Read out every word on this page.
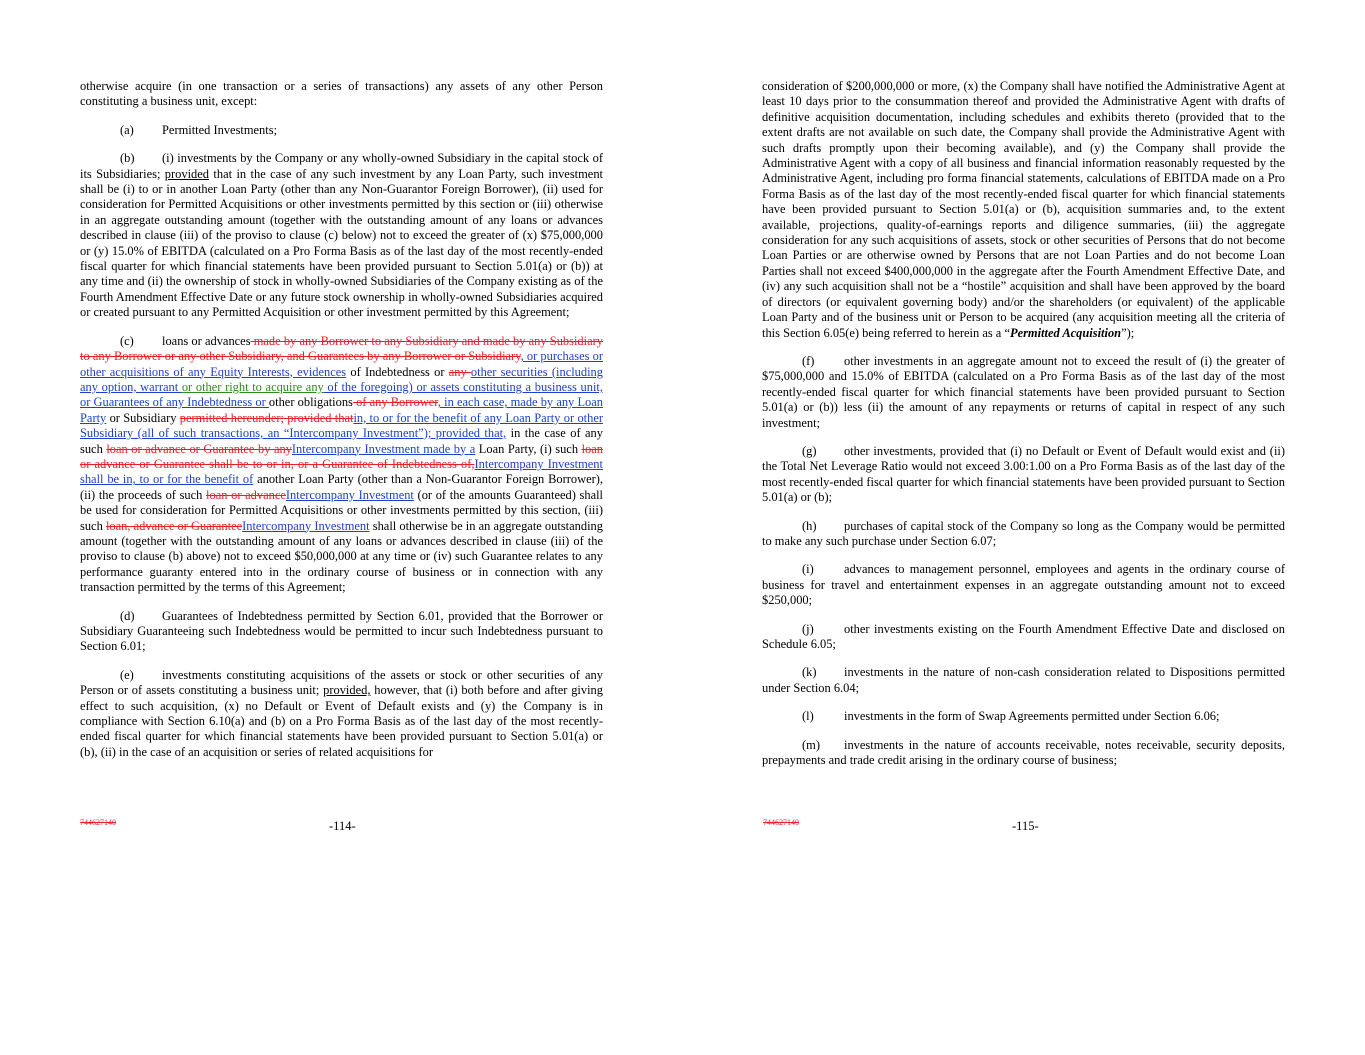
otherwise acquire (in one transaction or a series of transactions) any assets of any other Person constituting a business unit, except:

(a) Permitted Investments;

(b) (i) investments by the Company or any wholly-owned Subsidiary in the capital stock of its Subsidiaries; provided that in the case of any such investment by any Loan Party, such investment shall be (i) to or in another Loan Party (other than any Non-Guarantor Foreign Borrower), (ii) used for consideration for Permitted Acquisitions or other investments permitted by this section or (iii) otherwise in an aggregate outstanding amount (together with the outstanding amount of any loans or advances described in clause (iii) of the proviso to clause (c) below) not to exceed the greater of (x) $75,000,000 or (y) 15.0% of EBITDA (calculated on a Pro Forma Basis as of the last day of the most recently-ended fiscal quarter for which financial statements have been provided pursuant to Section 5.01(a) or (b)) at any time and (ii) the ownership of stock in wholly-owned Subsidiaries of the Company existing as of the Fourth Amendment Effective Date or any future stock ownership in wholly-owned Subsidiaries acquired or created pursuant to any Permitted Acquisition or other investment permitted by this Agreement;

(c) loans or advances made by any Borrower to any Subsidiary and made by any Subsidiary to any Borrower or any other Subsidiary, and Guarantees by any Borrower or Subsidiary, or purchases or other acquisitions of any Equity Interests, evidences of Indebtedness or any other securities (including any option, warrant or other right to acquire any of the foregoing) or assets constituting a business unit, or Guarantees of any Indebtedness or other obligations of any Borrower, in each case, made by any Loan Party or Subsidiary permitted hereunder; provided thatin, to or for the benefit of any Loan Party or other Subsidiary (all of such transactions, an “Intercompany Investment”); provided that, in the case of any such loan or advance or Guarantee by anyIntercompany Investment made by a Loan Party, (i) such loan or advance or Guarantee shall be to or in, or a Guarantee of Indebtedness of,Intercompany Investment shall be in, to or for the benefit of another Loan Party (other than a Non-Guarantor Foreign Borrower), (ii) the proceeds of such loan or advanceIntercompany Investment (or of the amounts Guaranteed) shall be used for consideration for Permitted Acquisitions or other investments permitted by this section, (iii) such loan, advance or GuaranteeIntercompany Investment shall otherwise be in an aggregate outstanding amount (together with the outstanding amount of any loans or advances described in clause (iii) of the proviso to clause (b) above) not to exceed $50,000,000 at any time or (iv) such Guarantee relates to any performance guaranty entered into in the ordinary course of business or in connection with any transaction permitted by the terms of this Agreement;

(d) Guarantees of Indebtedness permitted by Section 6.01, provided that the Borrower or Subsidiary Guaranteeing such Indebtedness would be permitted to incur such Indebtedness pursuant to Section 6.01;

(e) investments constituting acquisitions of the assets or stock or other securities of any Person or of assets constituting a business unit; provided, however, that (i) both before and after giving effect to such acquisition, (x) no Default or Event of Default exists and (y) the Company is in compliance with Section 6.10(a) and (b) on a Pro Forma Basis as of the last day of the most recently-ended fiscal quarter for which financial statements have been provided pursuant to Section 5.01(a) or (b), (ii) in the case of an acquisition or series of related acquisitions for

744627140	-114-

consideration of $200,000,000 or more, (x) the Company shall have notified the Administrative Agent at least 10 days prior to the consummation thereof and provided the Administrative Agent with drafts of definitive acquisition documentation, including schedules and exhibits thereto (provided that to the extent drafts are not available on such date, the Company shall provide the Administrative Agent with such drafts promptly upon their becoming available), and (y) the Company shall provide the Administrative Agent with a copy of all business and financial information reasonably requested by the Administrative Agent, including pro forma financial statements, calculations of EBITDA made on a Pro Forma Basis as of the last day of the most recently-ended fiscal quarter for which financial statements have been provided pursuant to Section 5.01(a) or (b), acquisition summaries and, to the extent available, projections, quality-of-earnings reports and diligence summaries, (iii) the aggregate consideration for any such acquisitions of assets, stock or other securities of Persons that do not become Loan Parties or are otherwise owned by Persons that are not Loan Parties and do not become Loan Parties shall not exceed $400,000,000 in the aggregate after the Fourth Amendment Effective Date, and (iv) any such acquisition shall not be a “hostile” acquisition and shall have been approved by the board of directors (or equivalent governing body) and/or the shareholders (or equivalent) of the applicable Loan Party and of the business unit or Person to be acquired (any acquisition meeting all the criteria of this Section 6.05(e) being referred to herein as a “Permitted Acquisition”);

(f) other investments in an aggregate amount not to exceed the result of (i) the greater of $75,000,000 and 15.0% of EBITDA (calculated on a Pro Forma Basis as of the last day of the most recently-ended fiscal quarter for which financial statements have been provided pursuant to Section 5.01(a) or (b)) less (ii) the amount of any repayments or returns of capital in respect of any such investment;

(g) other investments, provided that (i) no Default or Event of Default would exist and (ii) the Total Net Leverage Ratio would not exceed 3.00:1.00 on a Pro Forma Basis as of the last day of the most recently-ended fiscal quarter for which financial statements have been provided pursuant to Section 5.01(a) or (b);

(h) purchases of capital stock of the Company so long as the Company would be permitted to make any such purchase under Section 6.07;

(i) advances to management personnel, employees and agents in the ordinary course of business for travel and entertainment expenses in an aggregate outstanding amount not to exceed $250,000;

(j) other investments existing on the Fourth Amendment Effective Date and disclosed on Schedule 6.05;

(k) investments in the nature of non-cash consideration related to Dispositions permitted under Section 6.04;

(l) investments in the form of Swap Agreements permitted under Section 6.06;

(m) investments in the nature of accounts receivable, notes receivable, security deposits, prepayments and trade credit arising in the ordinary course of business;

744627140	-115-
